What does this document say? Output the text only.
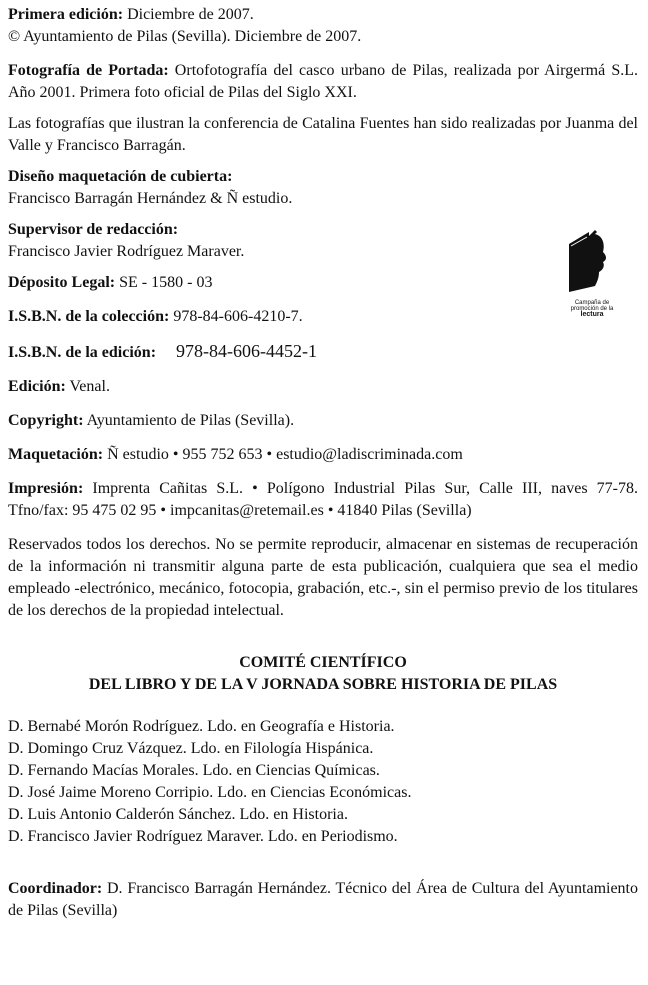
Primera edición: Diciembre de 2007.

© Ayuntamiento de Pilas (Sevilla). Diciembre de 2007.

Fotografía de Portada: Ortofotografía del casco urbano de Pilas, realizada por Airgermá S.L. Año 2001. Primera foto oficial de Pilas del Siglo XXI.

Las fotografías que ilustran la conferencia de Catalina Fuentes han sido realizadas por Juanma del Valle y Francisco Barragán.

Diseño maquetación de cubierta:

Francisco Barragán Hernández & Ñ estudio.

Supervisor de redacción:

Francisco Javier Rodríguez Maraver.

Déposito Legal: SE - 1580 - 03

I.S.B.N. de la colección: 978-84-606-4210-7.

I.S.B.N. de la edición: 978-84-606-4452-1

Edición: Venal.

Copyright: Ayuntamiento de Pilas (Sevilla).

Maquetación: Ñ estudio • 955 752 653 • estudio@ladiscriminada.com

Impresión: Imprenta Cañitas S.L. • Polígono Industrial Pilas Sur, Calle III, naves 77-78. Tfno/fax: 95 475 02 95 • impcanitas@retemail.es • 41840 Pilas (Sevilla)

Reservados todos los derechos. No se permite reproducir, almacenar en sistemas de recuperación de la información ni transmitir alguna parte de esta publicación, cualquiera que sea el medio empleado -electrónico, mecánico, fotocopia, grabación, etc.-, sin el permiso previo de los titulares de los derechos de la propiedad intelectual.

COMITÉ CIENTÍFICO

DEL LIBRO Y DE LA V JORNADA SOBRE HISTORIA DE PILAS

D. Bernabé Morón Rodríguez. Ldo. en Geografía e Historia.

D. Domingo Cruz Vázquez. Ldo. en Filología Hispánica.

D. Fernando Macías Morales. Ldo. en Ciencias Químicas.

D. José Jaime Moreno Corripio. Ldo. en Ciencias Económicas.

D. Luis Antonio Calderón Sánchez. Ldo. en Historia.

D. Francisco Javier Rodríguez Maraver. Ldo. en Periodismo.

Coordinador: D. Francisco Barragán Hernández. Técnico del Área de Cultura del Ayuntamiento de Pilas (Sevilla)

Campaña de
promoción de la
lectura
